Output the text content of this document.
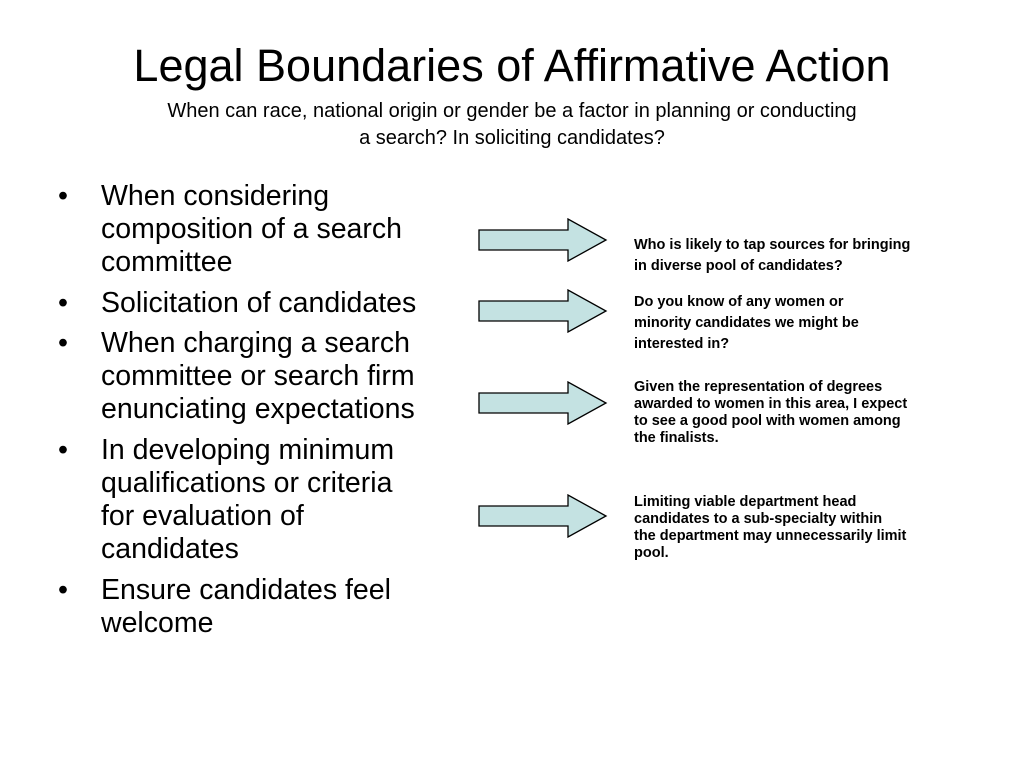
Legal Boundaries of Affirmative Action

When can race, national origin or gender be a factor in planning or conducting
a search? In soliciting candidates?

•	When considering
composition of a search
committee
•	Solicitation of candidates
•	When charging a search
committee or search firm
enunciating expectations
•	In developing minimum
qualifications or criteria
for evaluation of
candidates
•	Ensure candidates feel
welcome
Who is likely to tap sources for bringing
in diverse pool of candidates?
Do you know of any women or
minority candidates we might be
interested in?
Given the representation of degrees
awarded to women in this area, I expect
to see a good pool with women among
the finalists.
Limiting viable department head
candidates to a sub-specialty within
the department may unnecessarily limit
pool.
